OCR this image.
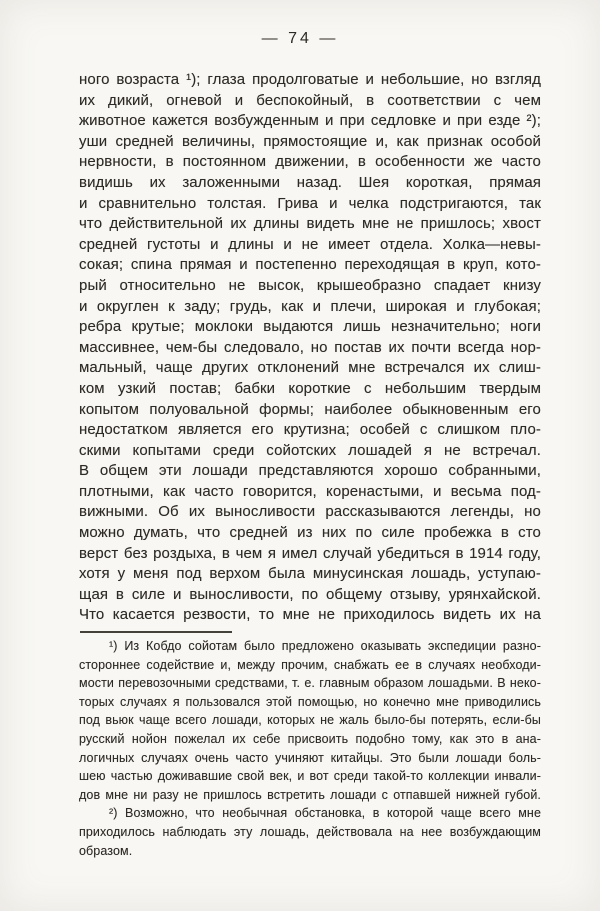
— 74 —
ного возраста ¹); глаза продолговатые и небольшие, но взгляд
их дикий, огневой и беспокойный, в соответствии с чем
животное кажется возбужденным и при седловке и при езде ²);
уши средней величины, прямостоящие и, как признак особой
нервности, в постоянном движении, в особенности же часто
видишь их заложенными назад. Шея короткая, прямая
и сравнительно толстая. Грива и челка подстригаются, так
что действительной их длины видеть мне не пришлось; хвост
средней густоты и длины и не имеет отдела. Холка—невы-
сокая; спина прямая и постепенно переходящая в круп, кото-
рый относительно не высок, крышеобразно спадает книзу
и округлен к заду; грудь, как и плечи, широкая и глубокая;
ребра крутые; моклоки выдаются лишь незначительно; ноги
массивнее, чем-бы следовало, но постав их почти всегда нор-
мальный, чаще других отклонений мне встречался их слиш-
ком узкий постав; бабки короткие с небольшим твердым
копытом полуовальной формы; наиболее обыкновенным его
недостатком является его крутизна; особей с слишком пло-
скими копытами среди сойотских лошадей я не встречал.
В общем эти лошади представляются хорошо собранными,
плотными, как часто говорится, коренастыми, и весьма под-
вижными. Об их выносливости рассказываются легенды, но
можно думать, что средней из них по силе пробежка в сто
верст без роздыха, в чем я имел случай убедиться в 1914 году,
хотя у меня под верхом была минусинская лошадь, уступаю-
щая в силе и выносливости, по общему отзыву, урянхайской.
Что касается резвости, то мне не приходилось видеть их на
¹) Из Кобдо сойотам было предложено оказывать экспедиции разно-
стороннее содействие и, между прочим, снабжать ее в случаях необходи-
мости перевозочными средствами, т. е. главным образом лошадьми. В неко-
торых случаях я пользовался этой помощью, но конечно мне приводились
под вьюк чаще всего лошади, которых не жаль было-бы потерять, если-бы
русский нойон пожелал их себе присвоить подобно тому, как это в ана-
логичных случаях очень часто учиняют китайцы. Это были лошади боль-
шею частью доживавшие свой век, и вот среди такой-то коллекции инвали-
дов мне ни разу не пришлось встретить лошади с отпавшей нижней губой.
²) Возможно, что необычная обстановка, в которой чаще всего мне
приходилось наблюдать эту лошадь, действовала на нее возбуждающим
образом.
